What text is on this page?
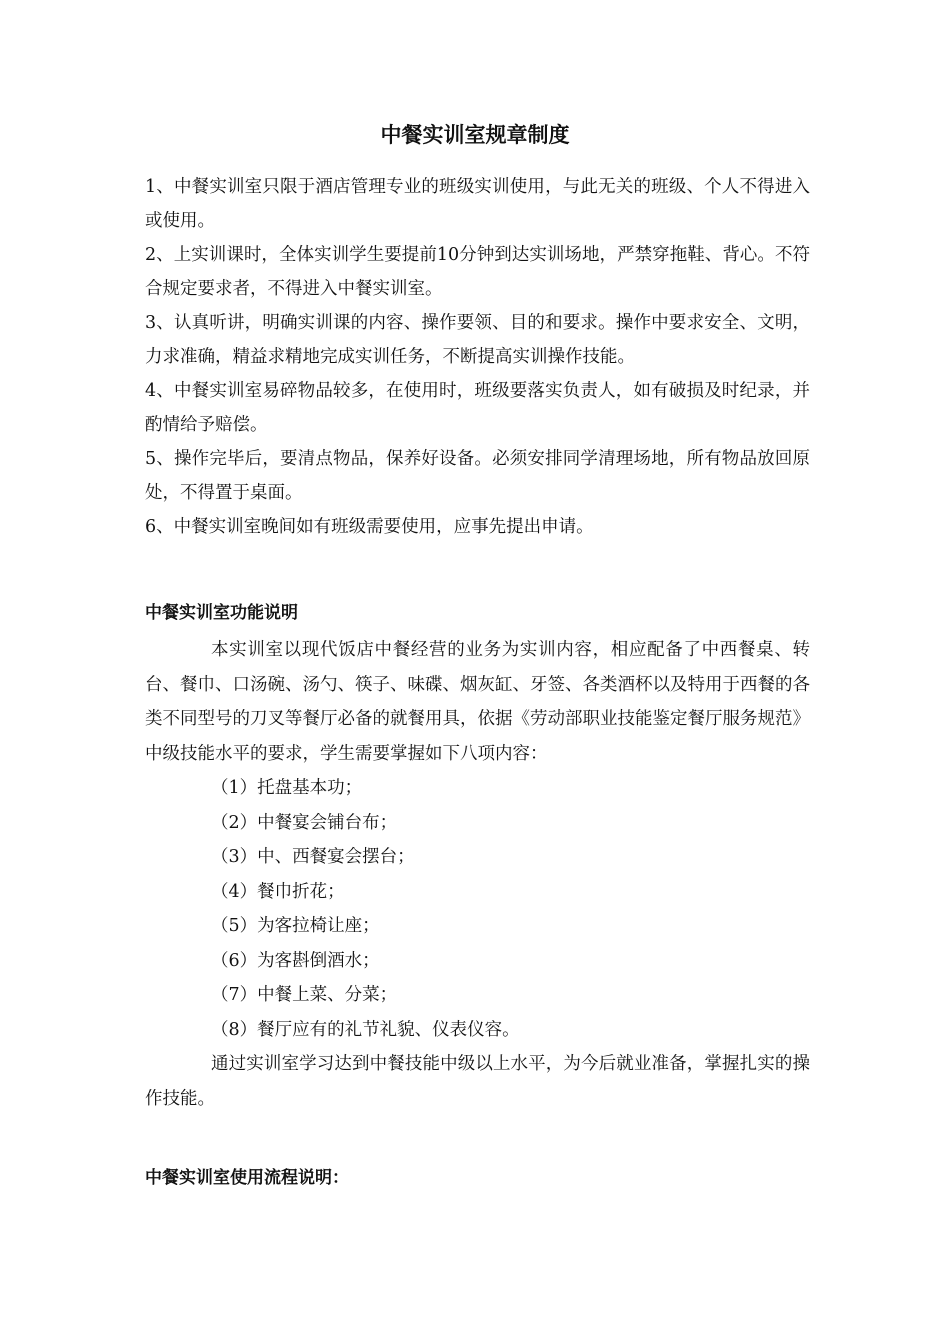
中餐实训室规章制度

1、中餐实训室只限于酒店管理专业的班级实训使用，与此无关的班级、个人不得进入或使用。

2、上实训课时，全体实训学生要提前10分钟到达实训场地，严禁穿拖鞋、背心。不符合规定要求者，不得进入中餐实训室。

3、认真听讲，明确实训课的内容、操作要领、目的和要求。操作中要求安全、文明，力求准确，精益求精地完成实训任务，不断提高实训操作技能。

4、中餐实训室易碎物品较多，在使用时，班级要落实负责人，如有破损及时纪录，并酌情给予赔偿。

5、操作完毕后，要清点物品，保养好设备。必须安排同学清理场地，所有物品放回原处，不得置于桌面。

6、中餐实训室晚间如有班级需要使用，应事先提出申请。

中餐实训室功能说明

本实训室以现代饭店中餐经营的业务为实训内容，相应配备了中西餐桌、转台、餐巾、口汤碗、汤勺、筷子、味碟、烟灰缸、牙签、各类酒杯以及特用于西餐的各类不同型号的刀叉等餐厅必备的就餐用具，依据《劳动部职业技能鉴定餐厅服务规范》中级技能水平的要求，学生需要掌握如下八项内容：

（1）托盘基本功；
（2）中餐宴会铺台布；
（3）中、西餐宴会摆台；
（4）餐巾折花；
（5）为客拉椅让座；
（6）为客斟倒酒水；
（7）中餐上菜、分菜；
（8）餐厅应有的礼节礼貌、仪表仪容。

通过实训室学习达到中餐技能中级以上水平，为今后就业准备，掌握扎实的操作技能。

中餐实训室使用流程说明：
